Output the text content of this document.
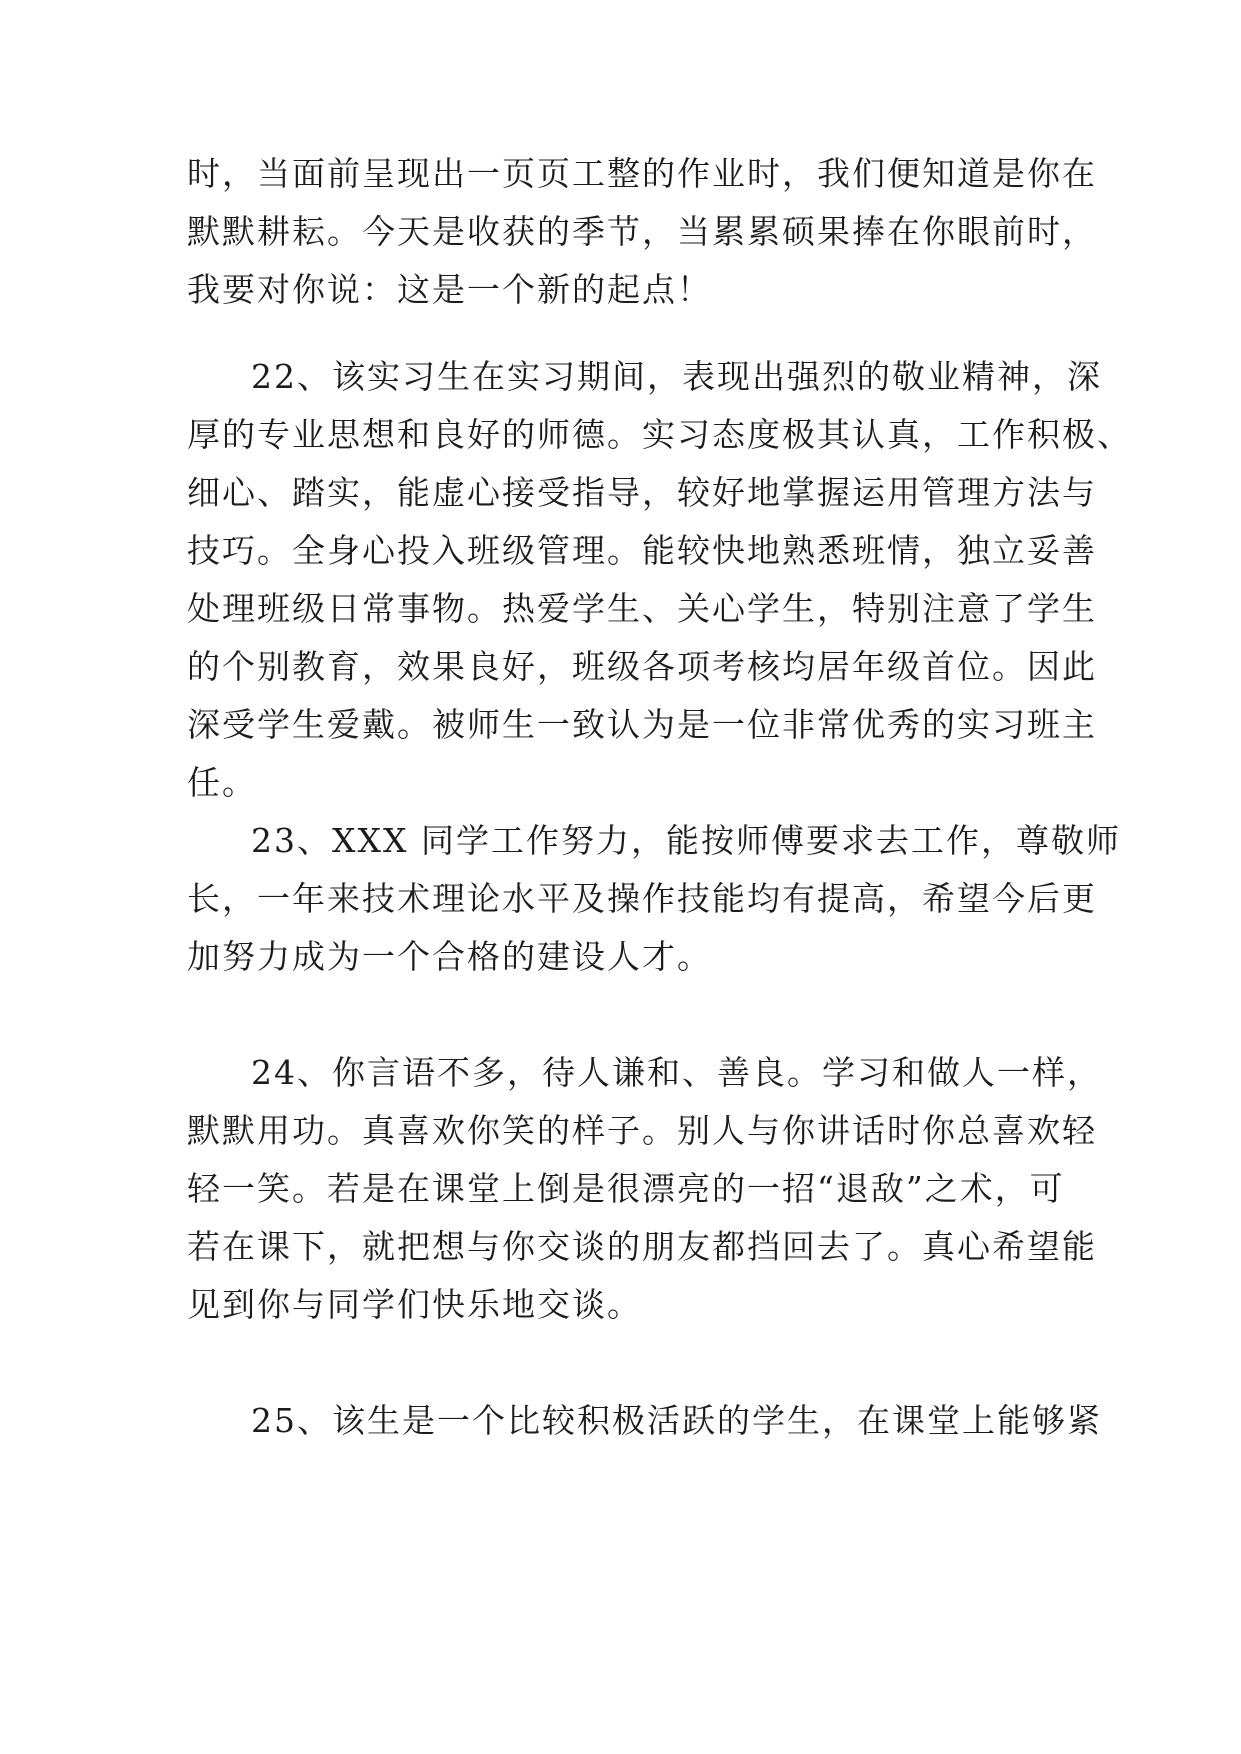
时，当面前呈现出一页页工整的作业时，我们便知道是你在
默默耕耘。今天是收获的季节，当累累硕果捧在你眼前时，
我要对你说：这是一个新的起点！
22、该实习生在实习期间，表现出强烈的敬业精神，深
厚的专业思想和良好的师德。实习态度极其认真，工作积极、
细心、踏实，能虚心接受指导，较好地掌握运用管理方法与
技巧。全身心投入班级管理。能较快地熟悉班情，独立妥善
处理班级日常事物。热爱学生、关心学生，特别注意了学生
的个别教育，效果良好，班级各项考核均居年级首位。因此
深受学生爱戴。被师生一致认为是一位非常优秀的实习班主
任。
23、XXX 同学工作努力，能按师傅要求去工作，尊敬师
长，一年来技术理论水平及操作技能均有提高，希望今后更
加努力成为一个合格的建设人才。
24、你言语不多，待人谦和、善良。学习和做人一样，
默默用功。真喜欢你笑的样子。别人与你讲话时你总喜欢轻
轻一笑。若是在课堂上倒是很漂亮的一招“退敌”之术，可
若在课下，就把想与你交谈的朋友都挡回去了。真心希望能
见到你与同学们快乐地交谈。
25、该生是一个比较积极活跃的学生，在课堂上能够紧
